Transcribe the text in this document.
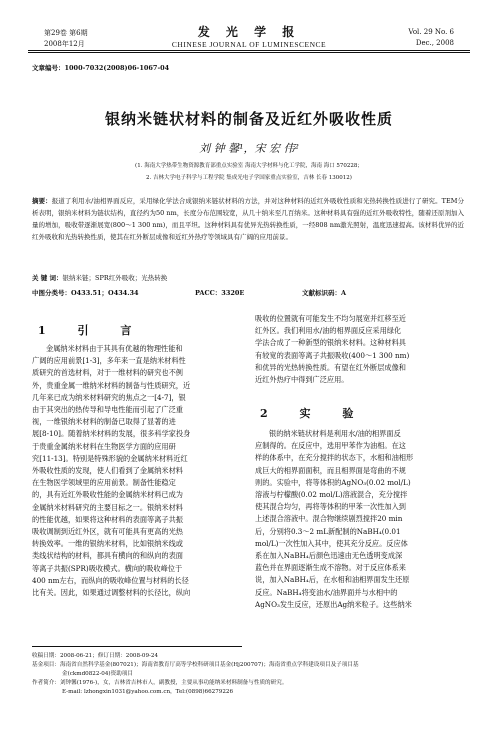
第29卷 第6期
2008年12月
发 光 学 报
CHINESE JOURNAL OF LUMINESCENCE
Vol. 29 No. 6
Dec., 2008
文章编号：1000-7032(2008)06-1067-04
银纳米链状材料的制备及近红外吸收性质
刘 钟 馨¹，宋 宏 伟²
(1. 海南大学热带生物资源教育部重点实验室 海南大学材料与化工学院，海南 海口 570228；
2. 吉林大学电子科学与工程学院 集成光电子学国家重点实验室，吉林 长春 130012)
摘要：报道了利用水/油相界面反应，采用绿化学法合成银纳米链状材料的方法，并对这种材料的近红外吸收性质和光热转换性质进行了研究。TEM分析表明，银纳米材料为链状结构，直径约为50 nm，长度分布范围较宽，从几十纳米至几百纳米。这种材料具有强的近红外吸收特性，随着还原剂加入量的增加，吸收带逐渐展宽(800～1 300 nm)，而且平坦。这种材料具有优异光热转换性质，一经808 nm激光照射，温度迅速提高。该材料优异的近红外吸收和光热转换性质，使其在红外断层成像和近红外热疗等领域具有广阔的应用前景。
关 键 词：银纳米链；SPR红外吸收；光热转换
中图分类号：O433.51；O434.34	PACC：3320E	文献标识码：A
1 引 言
金属纳米材料由于其具有优越的物理性能和
广阔的应用前景[1-3]，多年来一直是纳米材料性
质研究的首选材料，对于一维材料的研究也不例
外，贵重金属一维纳米材料的制备与性质研究，近
几年来已成为纳米材料研究的焦点之一[4-7]，银
由于其突出的热传导和导电性能而引起了广泛重
视，一维银纳米材料的制备已取得了显著的进
展[8-10]。随着纳米材料的发展，很多科学家投身
于贵重金属纳米材料在生物医学方面的应用研
究[11-13]。特别是特殊形貌的金属纳米材料近红
外吸收性质的发现，使人们看到了金属纳米材料
在生物医学领域里的应用前景。制备性能稳定
的，具有近红外吸收性能的金属纳米材料已成为
金属纳米材料研究的主要目标之一。银纳米材料
的性能优越，如果将这种材料的表面等离子共振
吸收调制到近红外区，就有可能具有更高的光热
转换效率。一维的银纳米材料，比如银纳米线或
类线状结构的材料，都具有横向的和纵向的表面
等离子共振(SPR)吸收模式。横向的吸收峰位于
400 nm左右，而纵向的吸收峰位置与材料的长径
比有关。因此，如果通过调整材料的长径比，纵向
吸收的位置就有可能发生不均匀展宽并红移至近
红外区。我们利用水/油的相界面反应采用绿化
学法合成了一种新型的银纳米材料。这种材料具
有较宽的表面等离子共振吸收(400～1 300 nm)
和优异的光热转换性质。有望在红外断层成像和
近红外热疗中得到广泛应用。
2 实 验
银的纳米链状材料是利用水/油的相界面反
应制得的。在反应中，选用甲苯作为油相。在这
样的体系中，在充分搅拌的状态下，水相和油相形
成巨大的相界面面积，而且相界面是弯曲的不规
则的。实验中，将等体积的AgNO₃(0.02 mol/L)
溶液与柠檬酸(0.02 mol/L)溶液混合，充分搅拌
使其混合均匀，再将等体积的甲苯一次性加入到
上述混合溶液中。混合物继续剧烈搅拌20 min
后，分别将0.3～2 mL新配制的NaBH₄(0.01
mol/L)一次性加入其中，使其充分反应。反应体
系在加入NaBH₄后颜色迅速由无色透明变成深
蓝色并在界面逐渐生成不溶物。对于反应体系来
说，加入NaBH₄后，在水相和油相界面发生还原
反应。NaBH₄将变油水/油界面并与水相中的
AgNO₃发生反应，还原出Ag纳米粒子。这些纳米
收稿日期：2008-06-21；修订日期：2008-09-24
基金项目：海南省自然科学基金(807021)；海南省教育厅高等学校科研项目基金(Hj200707)；海南省重点学科建设项目及子项目基
金(ckmd0822-04)资助项目
作者简介：刘钟馨(1976-)，女，吉林省吉林市人，副教授，主要从事功能纳米材料制备与性质的研究。
E-mail: lzhongxin1031@yahoo.com.cn，Tel:(0898)66279226
